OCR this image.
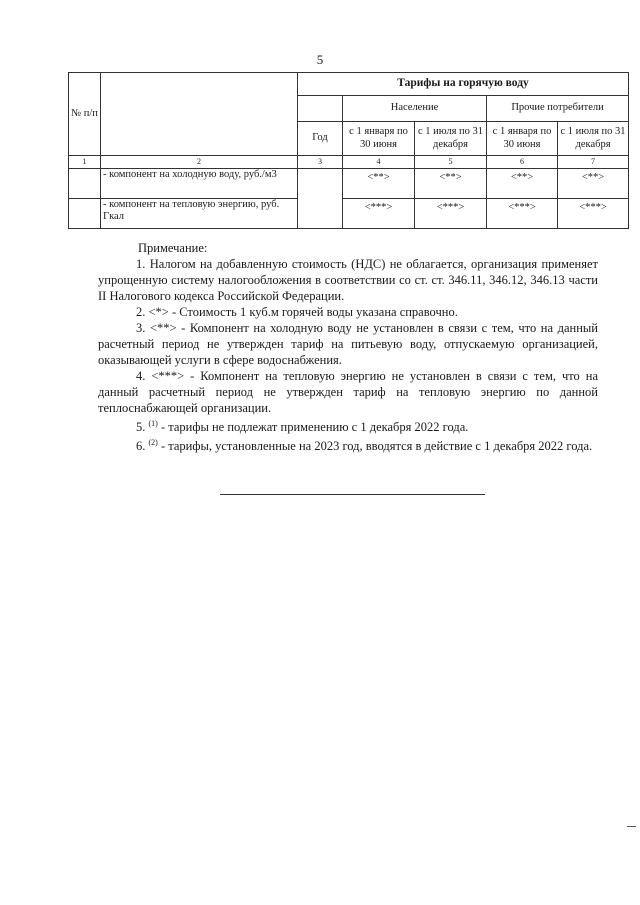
5
№ п/п		Тарифы на горячую воду				
			Население		Прочие потребители	
		Год	с 1 января по 30 июня	с 1 июля по 31 декабря	с 1 января по 30 июня	с 1 июля по 31 декабря
1	2	3	4	5	6	7
	- компонент на холодную воду, руб./м3		<**>	<**>	<**>	<**>
	- компонент на тепловую энергию, руб. Гкал		<***>	<***>	<***>	<***>

Примечание:

1. Налогом на добавленную стоимость (НДС) не облагается, организация применяет упрощенную систему налогообложения в соответствии со ст. ст. 346.11, 346.12, 346.13 части II Налогового кодекса Российской Федерации.

2. <*> - Стоимость 1 куб.м горячей воды указана справочно.

3. <**> - Компонент на холодную воду не установлен в связи с тем, что на данный расчетный период не утвержден тариф на питьевую воду, отпускаемую организацией, оказывающей услуги в сфере водоснабжения.

4. <***> - Компонент на тепловую энергию не установлен в связи с тем, что на данный расчетный период не утвержден тариф на тепловую энергию по данной теплоснабжающей организации.

5. $^{(1)}$ - тарифы не подлежат применению с 1 декабря 2022 года.

6. $^{(2)}$ - тарифы, установленные на 2023 год, вводятся в действие с 1 декабря 2022 года.
